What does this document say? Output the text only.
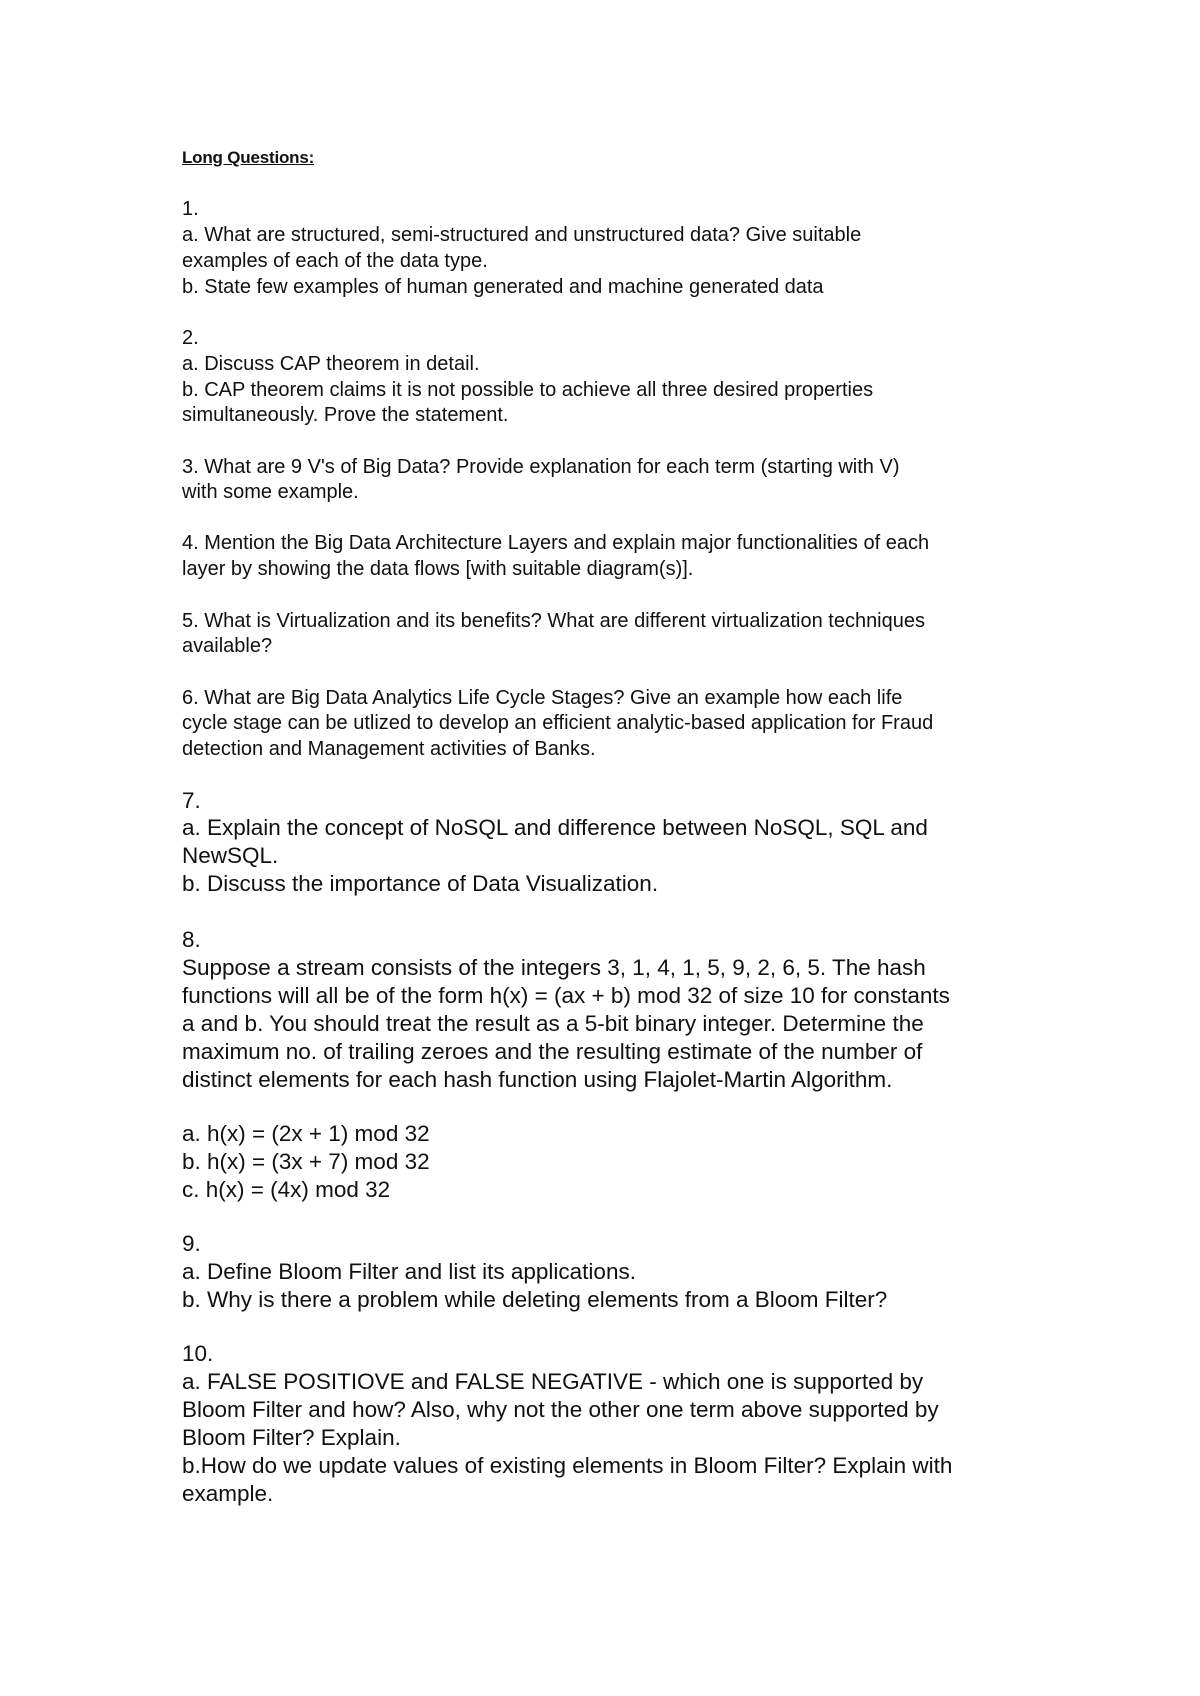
Long Questions:
1.
a. What are structured, semi-structured and unstructured data? Give suitable
examples of each of the data type.
b. State few examples of human generated and machine generated data
2.
a. Discuss CAP theorem in detail.
b. CAP theorem claims it is not possible to achieve all three desired properties
simultaneously. Prove the statement.
3. What are 9 V's of Big Data? Provide explanation for each term (starting with V)
with some example.
4. Mention the Big Data Architecture Layers and explain major functionalities of each
layer by showing the data flows [with suitable diagram(s)].
5. What is Virtualization and its benefits? What are different virtualization techniques
available?
6. What are Big Data Analytics Life Cycle Stages? Give an example how each life
cycle stage can be utlized to develop an efficient analytic-based application for Fraud
detection and Management activities of Banks.
7.
a. Explain the concept of NoSQL and difference between NoSQL, SQL and
NewSQL.
b. Discuss the importance of Data Visualization.
8.
Suppose a stream consists of the integers 3, 1, 4, 1, 5, 9, 2, 6, 5. The hash
functions will all be of the form h(x) = (ax + b) mod 32 of size 10 for constants
a and b. You should treat the result as a 5-bit binary integer. Determine the
maximum no. of trailing zeroes and the resulting estimate of the number of
distinct elements for each hash function using Flajolet-Martin Algorithm.
a. h(x) = (2x + 1) mod 32
b. h(x) = (3x + 7) mod 32
c. h(x) = (4x) mod 32
9.
a. Define Bloom Filter and list its applications.
b. Why is there a problem while deleting elements from a Bloom Filter?
10.
a. FALSE POSITIOVE and FALSE NEGATIVE - which one is supported by
Bloom Filter and how? Also, why not the other one term above supported by
Bloom Filter? Explain.
b.How do we update values of existing elements in Bloom Filter? Explain with
example.
